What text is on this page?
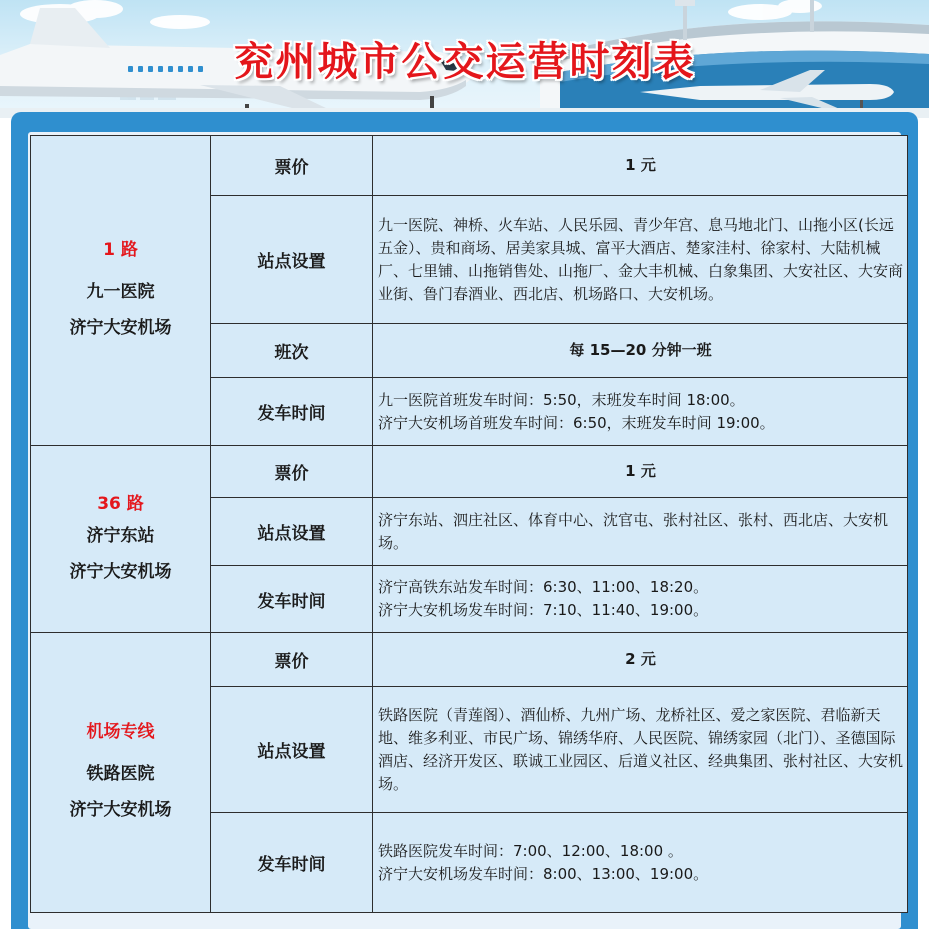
兖州城市公交运营时刻表
1 路
九一医院
济宁大安机场	票价	1 元
	站点设置	九一医院、神桥、火车站、人民乐园、青少年宫、息马地北门、山拖小区(长远五金）、贵和商场、居美家具城、富平大酒店、楚家洼村、徐家村、大陆机械厂、七里铺、山拖销售处、山拖厂、金大丰机械、白象集团、大安社区、大安商业街、鲁门春酒业、西北店、机场路口、大安机场。
	班次	每 15—20 分钟一班
	发车时间	九一医院首班发车时间：5:50，末班发车时间 18:00。
济宁大安机场首班发车时间：6:50，末班发车时间 19:00。

36 路
济宁东站
济宁大安机场	票价	1 元
	站点设置	济宁东站、泗庄社区、体育中心、沈官屯、张村社区、张村、西北店、大安机场。
	发车时间	济宁高铁东站发车时间：6:30、11:00、18:20。
济宁大安机场发车时间：7:10、11:40、19:00。

机场专线
铁路医院
济宁大安机场	票价	2 元
	站点设置	铁路医院（青莲阁）、酒仙桥、九州广场、龙桥社区、爱之家医院、君临新天地、维多利亚、市民广场、锦绣华府、人民医院、锦绣家园（北门）、圣德国际酒店、经济开发区、联诚工业园区、后道义社区、经典集团、张村社区、大安机场。
	发车时间	铁路医院发车时间：7:00、12:00、18:00 。
济宁大安机场发车时间：8:00、13:00、19:00。
